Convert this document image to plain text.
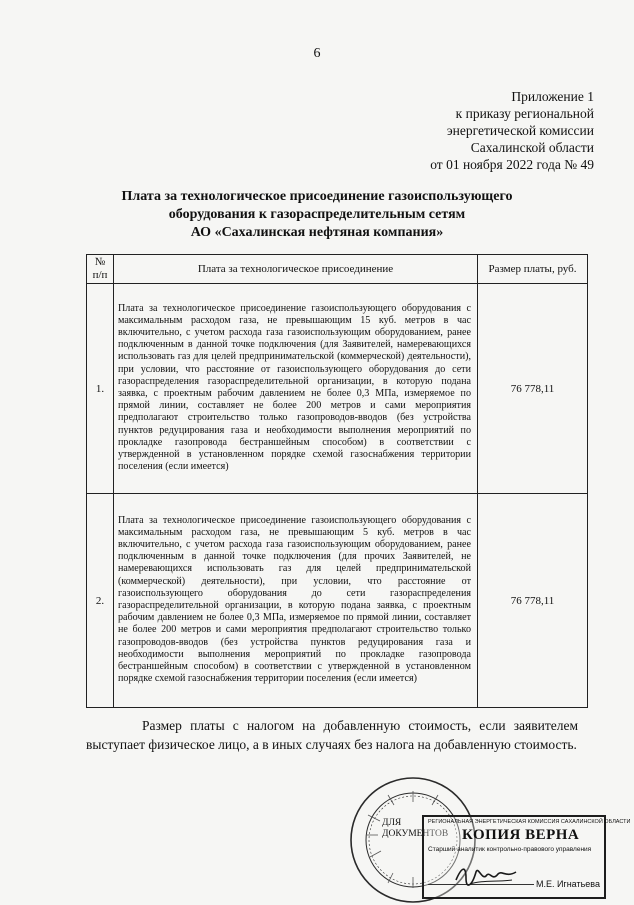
6
Приложение 1
к приказу региональной
энергетической комиссии
Сахалинской области
от 01 ноября 2022 года № 49
Плата за технологическое присоединение газоиспользующего
оборудования к газораспределительным сетям
АО «Сахалинская нефтяная компания»
№ п/п	Плата за технологическое присоединение	Размер платы, руб.
1.	Плата за технологическое присоединение газоиспользующего оборудования с максимальным расходом газа, не превышающим 15 куб. метров в час включительно, с учетом расхода газа газоиспользующим оборудованием, ранее подключенным в данной точке подключения (для Заявителей, намеревающихся использовать газ для целей предпринимательской (коммерческой) деятельности), при условии, что расстояние от газоиспользующего оборудования до сети газораспределения газораспределительной организации, в которую подана заявка, с проектным рабочим давлением не более 0,3 МПа, измеряемое по прямой линии, составляет не более 200 метров и сами мероприятия предполагают строительство только газопроводов-вводов (без устройства пунктов редуцирования газа и необходимости выполнения мероприятий по прокладке газопровода бестраншейным способом) в соответствии с утвержденной в установленном порядке схемой газоснабжения территории поселения (если имеется)	76 778,11
2.	Плата за технологическое присоединение газоиспользующего оборудования с максимальным расходом газа, не превышающим 5 куб. метров в час включительно, с учетом расхода газа газоиспользующим оборудованием, ранее подключенным в данной точке подключения (для прочих Заявителей, не намеревающихся использовать газ для целей предпринимательской (коммерческой) деятельности), при условии, что расстояние от газоиспользующего оборудования до сети газораспределения газораспределительной организации, в которую подана заявка, с проектным рабочим давлением не более 0,3 МПа, измеряемое по прямой линии, составляет не более 200 метров и сами мероприятия предполагают строительство только газопроводов-вводов (без устройства пунктов редуцирования газа и необходимости выполнения мероприятий по прокладке газопровода бестраншейным способом) в соответствии с утвержденной в установленном порядке схемой газоснабжения территории поселения (если имеется)	76 778,11
Размер платы с налогом на добавленную стоимость, если заявителем выступает физическое лицо, а в иных случаях без налога на добавленную стоимость.
ДЛЯ
ДОКУМЕНТОВ
РЕГИОНАЛЬНАЯ ЭНЕРГЕТИЧЕСКАЯ КОМИССИЯ САХАЛИНСКОЙ ОБЛАСТИ
КОПИЯ ВЕРНА
Старший аналитик контрольно-правового управления
М.Е. Игнатьева
